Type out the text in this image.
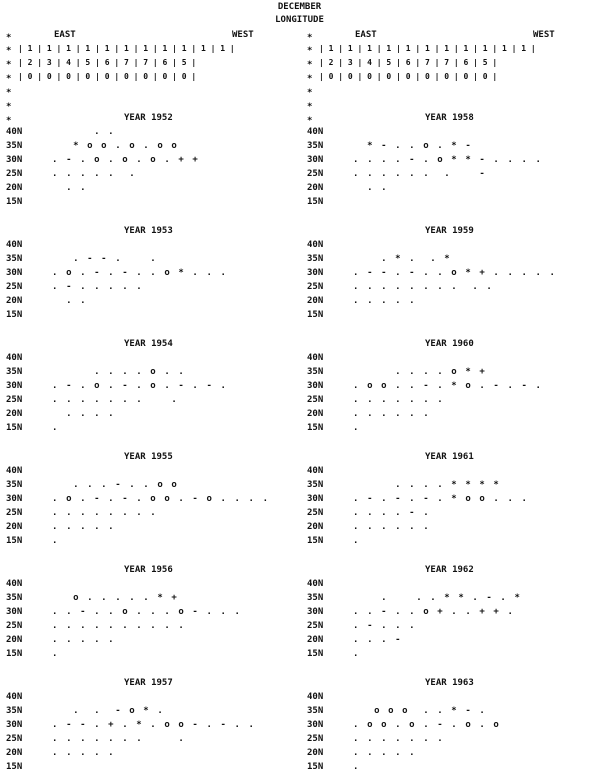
DECEMBER
LONGITUDE
*
*
*
*
*
*
*
EAST	WEST
| 1 | 1 | 1 | 1 | 1 | 1 | 1 | 1 | 1 | 1 | 1 |
| 2 | 3 | 4 | 5 | 6 | 7 | 7 | 6 | 5 |
| 0 | 0 | 0 | 0 | 0 | 0 | 0 | 0 | 0 |
YEAR 1952
40N . .
35N * o o . o . o o
30N . - . o . o . o . + +
25N . . . . .  .
20N . .
15N
YEAR 1953
40N
35N . - - .    .
30N . o . - . - . . o * . . .
25N . - . . . . .
20N . .
15N
YEAR 1954
40N
35N . . . . o . .
30N . - . o . - . o . - . - .
25N . . . . . . .    .
20N . . . .
15N .
YEAR 1955
40N
35N . . . - . . o o
30N . o . - . - . o o . - o . . . .
25N . . . . . . . .
20N . . . . .
15N .
YEAR 1956
40N
35N o . . . . . * +
30N . . - . . o . . . o - . . .
25N . . . . . . . . . .
20N . . . . .
15N .
YEAR 1957
40N
35N .  .  - o * .
30N . - - . + . * . o o - . - . .
25N . . . . . . .     .
20N . . . . .
15N
*
*
*
*
*
*
*
EAST	WEST
| 1 | 1 | 1 | 1 | 1 | 1 | 1 | 1 | 1 | 1 | 1 |
| 2 | 3 | 4 | 5 | 6 | 7 | 7 | 6 | 5 |
| 0 | 0 | 0 | 0 | 0 | 0 | 0 | 0 | 0 |
YEAR 1958
40N
35N * - . . o . * -
30N . . . . - . o * * - . . . .
25N . . . . . .  .    -
20N . .
15N
YEAR 1959
40N
35N . * .  . *
30N . - - . - . . o * + . . . . .
25N . . . . . . . .  . .
20N . . . . .
15N
YEAR 1960
40N
35N . . . . o * +
30N . o o . . - . * o . - . - .
25N . . . . . . .
20N . . . . . .
15N .
YEAR 1961
40N
35N . . . . * * * *
30N . - . - . - . * o o . . .
25N . . . . - .
20N . . . . . .
15N .
YEAR 1962
40N
35N .    . . * * . - . *
30N . . - . . o + . . + + .
25N . - . . .
20N . . . -
15N .
YEAR 1963
40N
35N o o o  . . * - .
30N . o o . o . - . o . o
25N . . . . . . .
20N . . . . .
15N .
